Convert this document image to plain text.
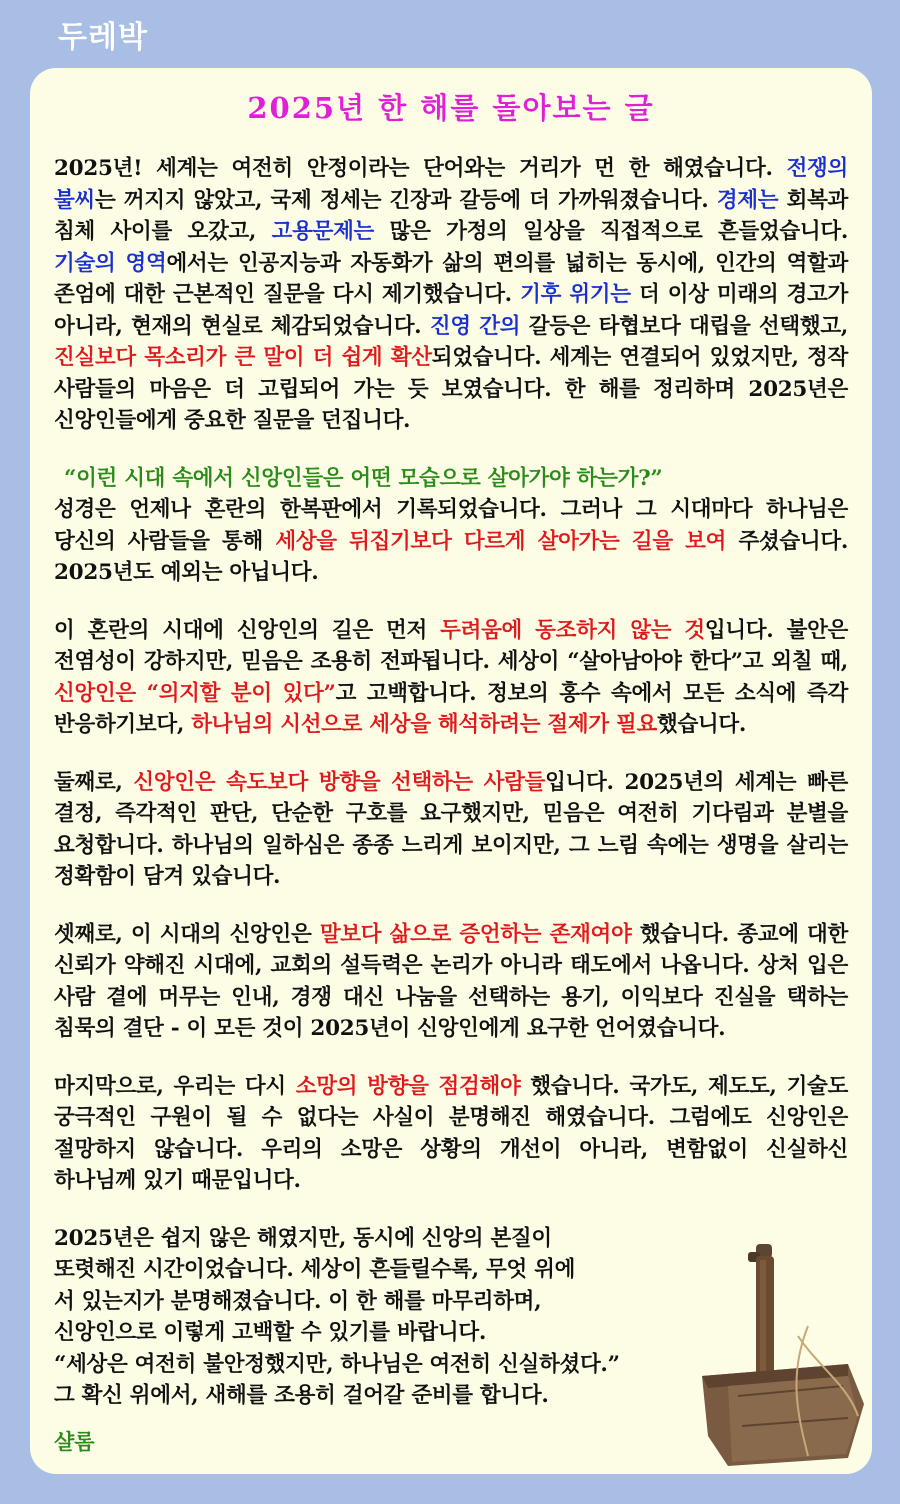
두레박
2025년 한 해를 돌아보는 글

2025년! 세계는 여전히 안정이라는 단어와는 거리가 먼 한 해였습니다. 전쟁의 불씨는 꺼지지 않았고, 국제 정세는 긴장과 갈등에 더 가까워졌습니다. 경제는 회복과 침체 사이를 오갔고, 고용문제는 많은 가정의 일상을 직접적으로 흔들었습니다. 기술의 영역에서는 인공지능과 자동화가 삶의 편의를 넓히는 동시에, 인간의 역할과 존엄에 대한 근본적인 질문을 다시 제기했습니다. 기후 위기는 더 이상 미래의 경고가 아니라, 현재의 현실로 체감되었습니다. 진영 간의 갈등은 타협보다 대립을 선택했고, 진실보다 목소리가 큰 말이 더 쉽게 확산되었습니다. 세계는 연결되어 있었지만, 정작 사람들의 마음은 더 고립되어 가는 듯 보였습니다. 한 해를 정리하며 2025년은 신앙인들에게 중요한 질문을 던집니다.

“이런 시대 속에서 신앙인들은 어떤 모습으로 살아가야 하는가?”
성경은 언제나 혼란의 한복판에서 기록되었습니다. 그러나 그 시대마다 하나님은 당신의 사람들을 통해 세상을 뒤집기보다 다르게 살아가는 길을 보여 주셨습니다. 2025년도 예외는 아닙니다.

이 혼란의 시대에 신앙인의 길은 먼저 두려움에 동조하지 않는 것입니다. 불안은 전염성이 강하지만, 믿음은 조용히 전파됩니다. 세상이 “살아남아야 한다”고 외칠 때, 신앙인은 “의지할 분이 있다”고 고백합니다. 정보의 홍수 속에서 모든 소식에 즉각 반응하기보다, 하나님의 시선으로 세상을 해석하려는 절제가 필요했습니다.

둘째로, 신앙인은 속도보다 방향을 선택하는 사람들입니다. 2025년의 세계는 빠른 결정, 즉각적인 판단, 단순한 구호를 요구했지만, 믿음은 여전히 기다림과 분별을 요청합니다. 하나님의 일하심은 종종 느리게 보이지만, 그 느림 속에는 생명을 살리는 정확함이 담겨 있습니다.

셋째로, 이 시대의 신앙인은 말보다 삶으로 증언하는 존재여야 했습니다. 종교에 대한 신뢰가 약해진 시대에, 교회의 설득력은 논리가 아니라 태도에서 나옵니다. 상처 입은 사람 곁에 머무는 인내, 경쟁 대신 나눔을 선택하는 용기, 이익보다 진실을 택하는 침묵의 결단 - 이 모든 것이 2025년이 신앙인에게 요구한 언어였습니다.

마지막으로, 우리는 다시 소망의 방향을 점검해야 했습니다. 국가도, 제도도, 기술도 궁극적인 구원이 될 수 없다는 사실이 분명해진 해였습니다. 그럼에도 신앙인은 절망하지 않습니다. 우리의 소망은 상황의 개선이 아니라, 변함없이 신실하신 하나님께 있기 때문입니다.

2025년은 쉽지 않은 해였지만, 동시에 신앙의 본질이
또렷해진 시간이었습니다. 세상이 흔들릴수록, 무엇 위에
서 있는지가 분명해졌습니다. 이 한 해를 마무리하며,
신앙인으로 이렇게 고백할 수 있기를 바랍니다.
“세상은 여전히 불안정했지만, 하나님은 여전히 신실하셨다.”
그 확신 위에서, 새해를 조용히 걸어갈 준비를 합니다.

샬롬
